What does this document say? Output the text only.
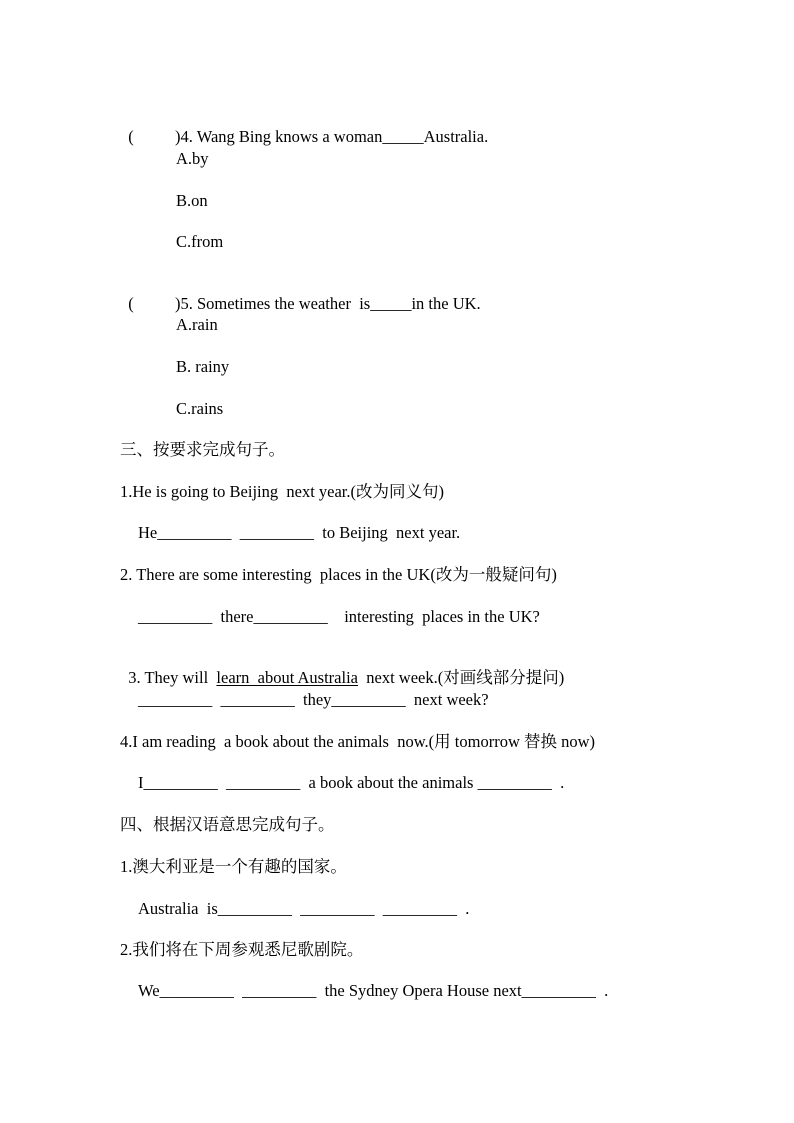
(          )4. Wang Bing knows a woman_____Australia.

A.by
B.on
C.from

(          )5. Sometimes the weather  is_____in the UK.

A.rain
B. rainy
C.rains
三、按要求完成句子。
1.He is going to Beijing  next year.(改为同义句)
He_________  _________  to Beijing  next year.
2. There are some interesting  places in the UK(改为一般疑问句)
_________  there_________    interesting  places in the UK?

3. They will  learn  about Australia  next week.(对画线部分提问)

_________  _________  they_________  next week?
4.I am reading  a book about the animals  now.(用 tomorrow 替换 now)
I_________  _________  a book about the animals _________  .
四、根据汉语意思完成句子。
1.澳大利亚是一个有趣的国家。
Australia  is_________  _________  _________  .
2.我们将在下周参观悉尼歌剧院。
We_________  _________  the Sydney Opera House next_________  .
